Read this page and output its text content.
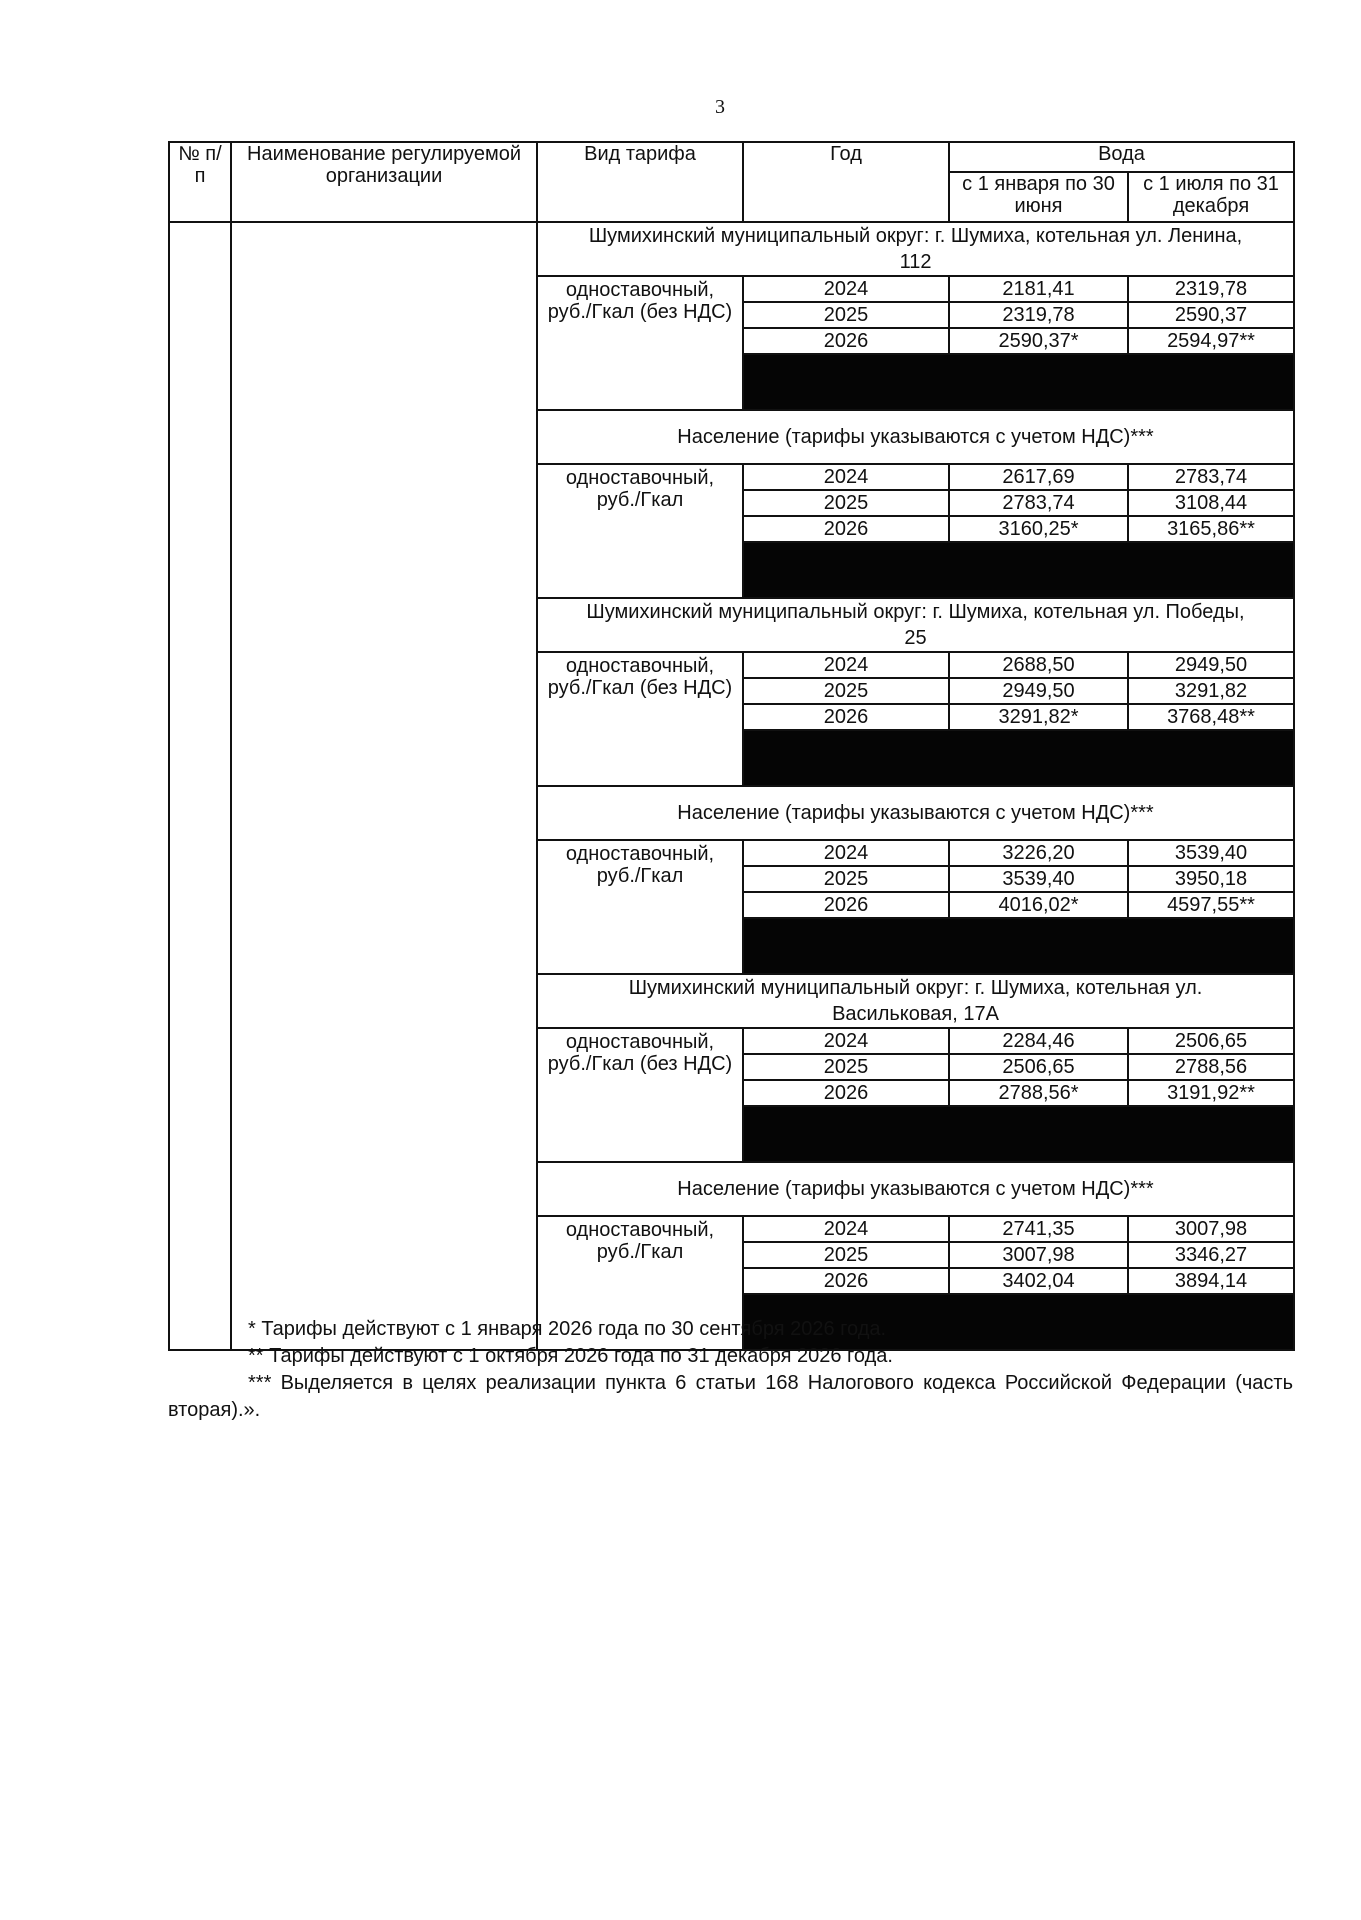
3
№ п/п	Наименование регулируемой организации	Вид тарифа	Год	Вода	
				с 1 января по 30 июня	с 1 июля по 31 декабря
		Шумихинский муниципальный округ: г. Шумиха, котельная ул. Ленина, 112			
		одноставочный, руб./Гкал (без НДС)	2024	2181,41	2319,78
			2025	2319,78	2590,37
			2026	2590,37*	2594,97**

		Население (тарифы указываются с учетом НДС)***			
		одноставочный, руб./Гкал	2024	2617,69	2783,74
			2025	2783,74	3108,44
			2026	3160,25*	3165,86**

		Шумихинский муниципальный округ: г. Шумиха, котельная ул. Победы, 25			
		одноставочный, руб./Гкал (без НДС)	2024	2688,50	2949,50
			2025	2949,50	3291,82
			2026	3291,82*	3768,48**

		Население (тарифы указываются с учетом НДС)***			
		одноставочный, руб./Гкал	2024	3226,20	3539,40
			2025	3539,40	3950,18
			2026	4016,02*	4597,55**

		Шумихинский муниципальный округ: г. Шумиха, котельная ул. Васильковая, 17А			
		одноставочный, руб./Гкал (без НДС)	2024	2284,46	2506,65
			2025	2506,65	2788,56
			2026	2788,56*	3191,92**

		Население (тарифы указываются с учетом НДС)***			
		одноставочный, руб./Гкал	2024	2741,35	3007,98
			2025	3007,98	3346,27
			2026	3402,04	3894,14

* Тарифы действуют с 1 января 2026 года по 30 сентября 2026 года.

** Тарифы действуют с 1 октября 2026 года по 31 декабря 2026 года.

*** Выделяется в целях реализации пункта 6 статьи 168 Налогового кодекса Российской Федерации (часть вторая).».
